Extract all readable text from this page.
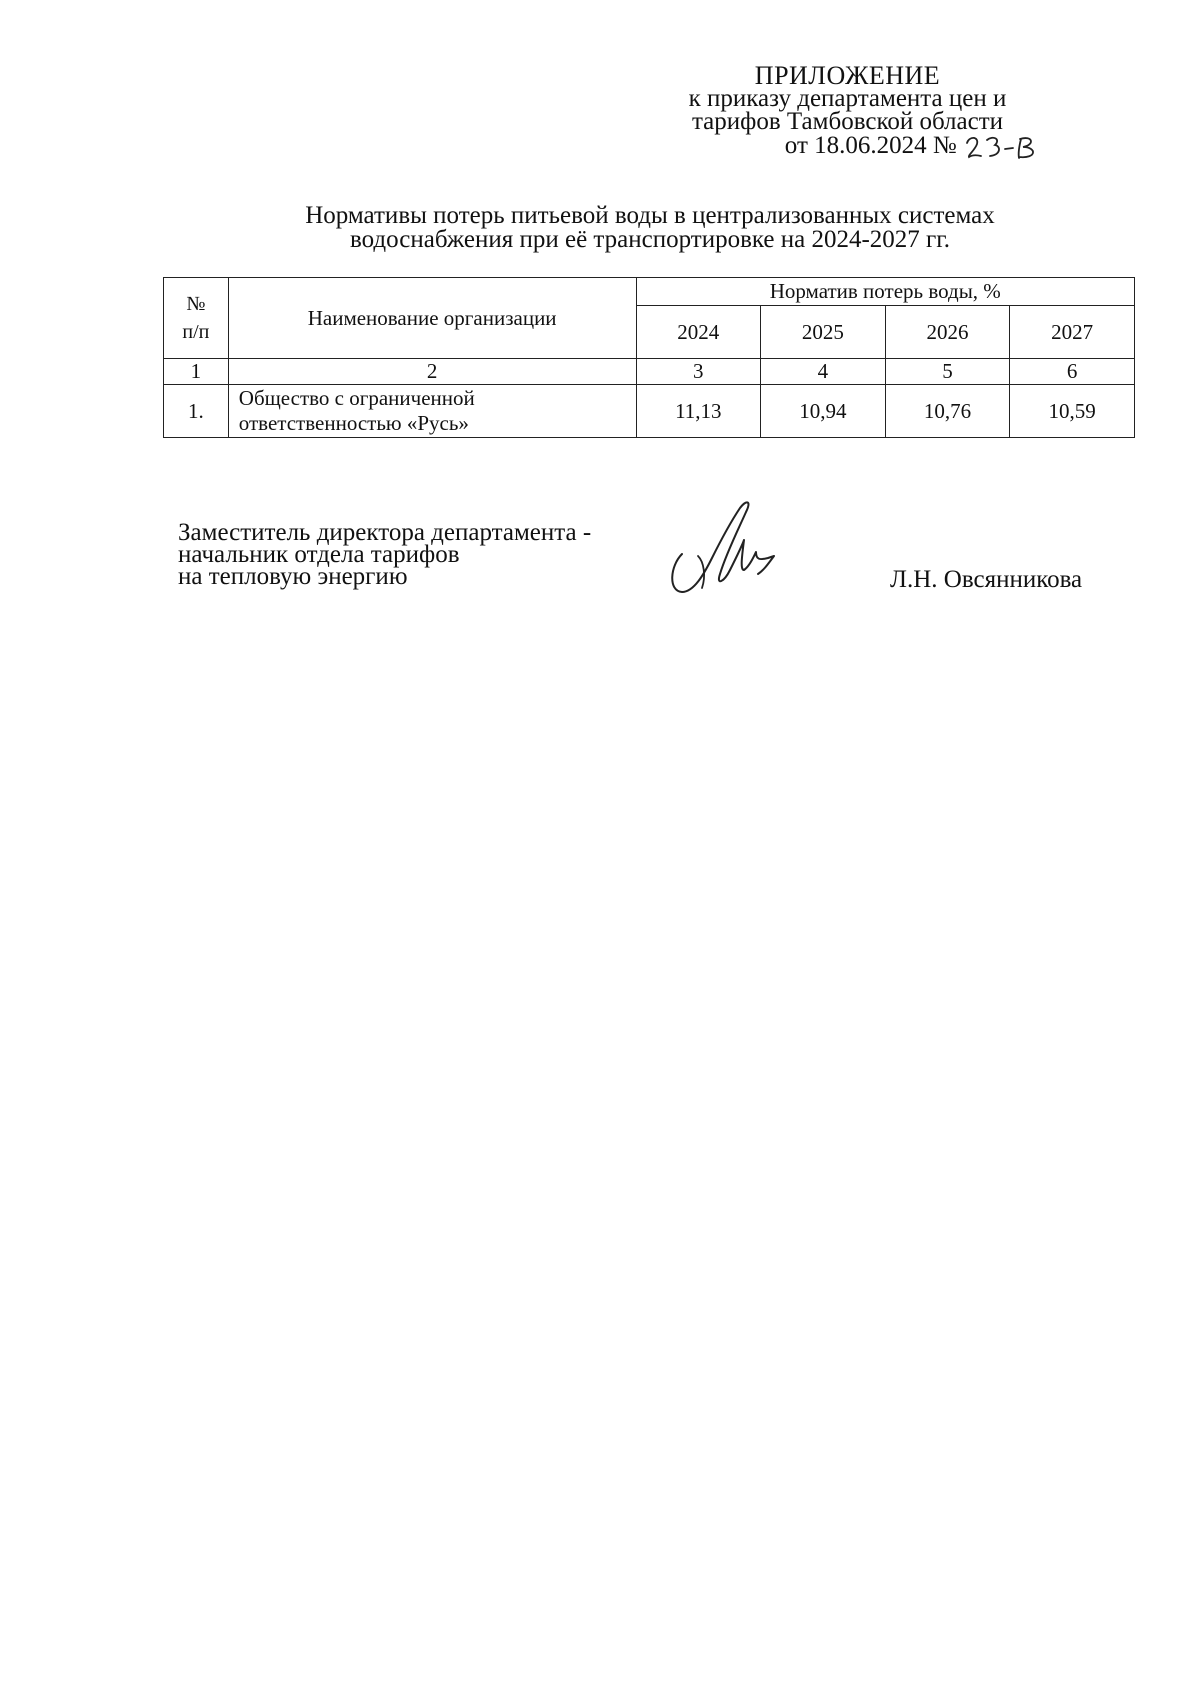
ПРИЛОЖЕНИЕ
к приказу департамента цен и
тарифов Тамбовской области
от 18.06.2024 №
Нормативы потерь питьевой воды в централизованных системах
водоснабжения при её транспортировке на 2024-2027 гг.
№
п/п	Наименование организации	Норматив потерь воды, %			
		2024	2025	2026	2027
1	2	3	4	5	6
1.	Общество с ограниченной
ответственностью «Русь»	11,13	10,94	10,76	10,59
Заместитель директора департамента -
начальник отдела тарифов
на тепловую энергию	Л.Н. Овсянникова
